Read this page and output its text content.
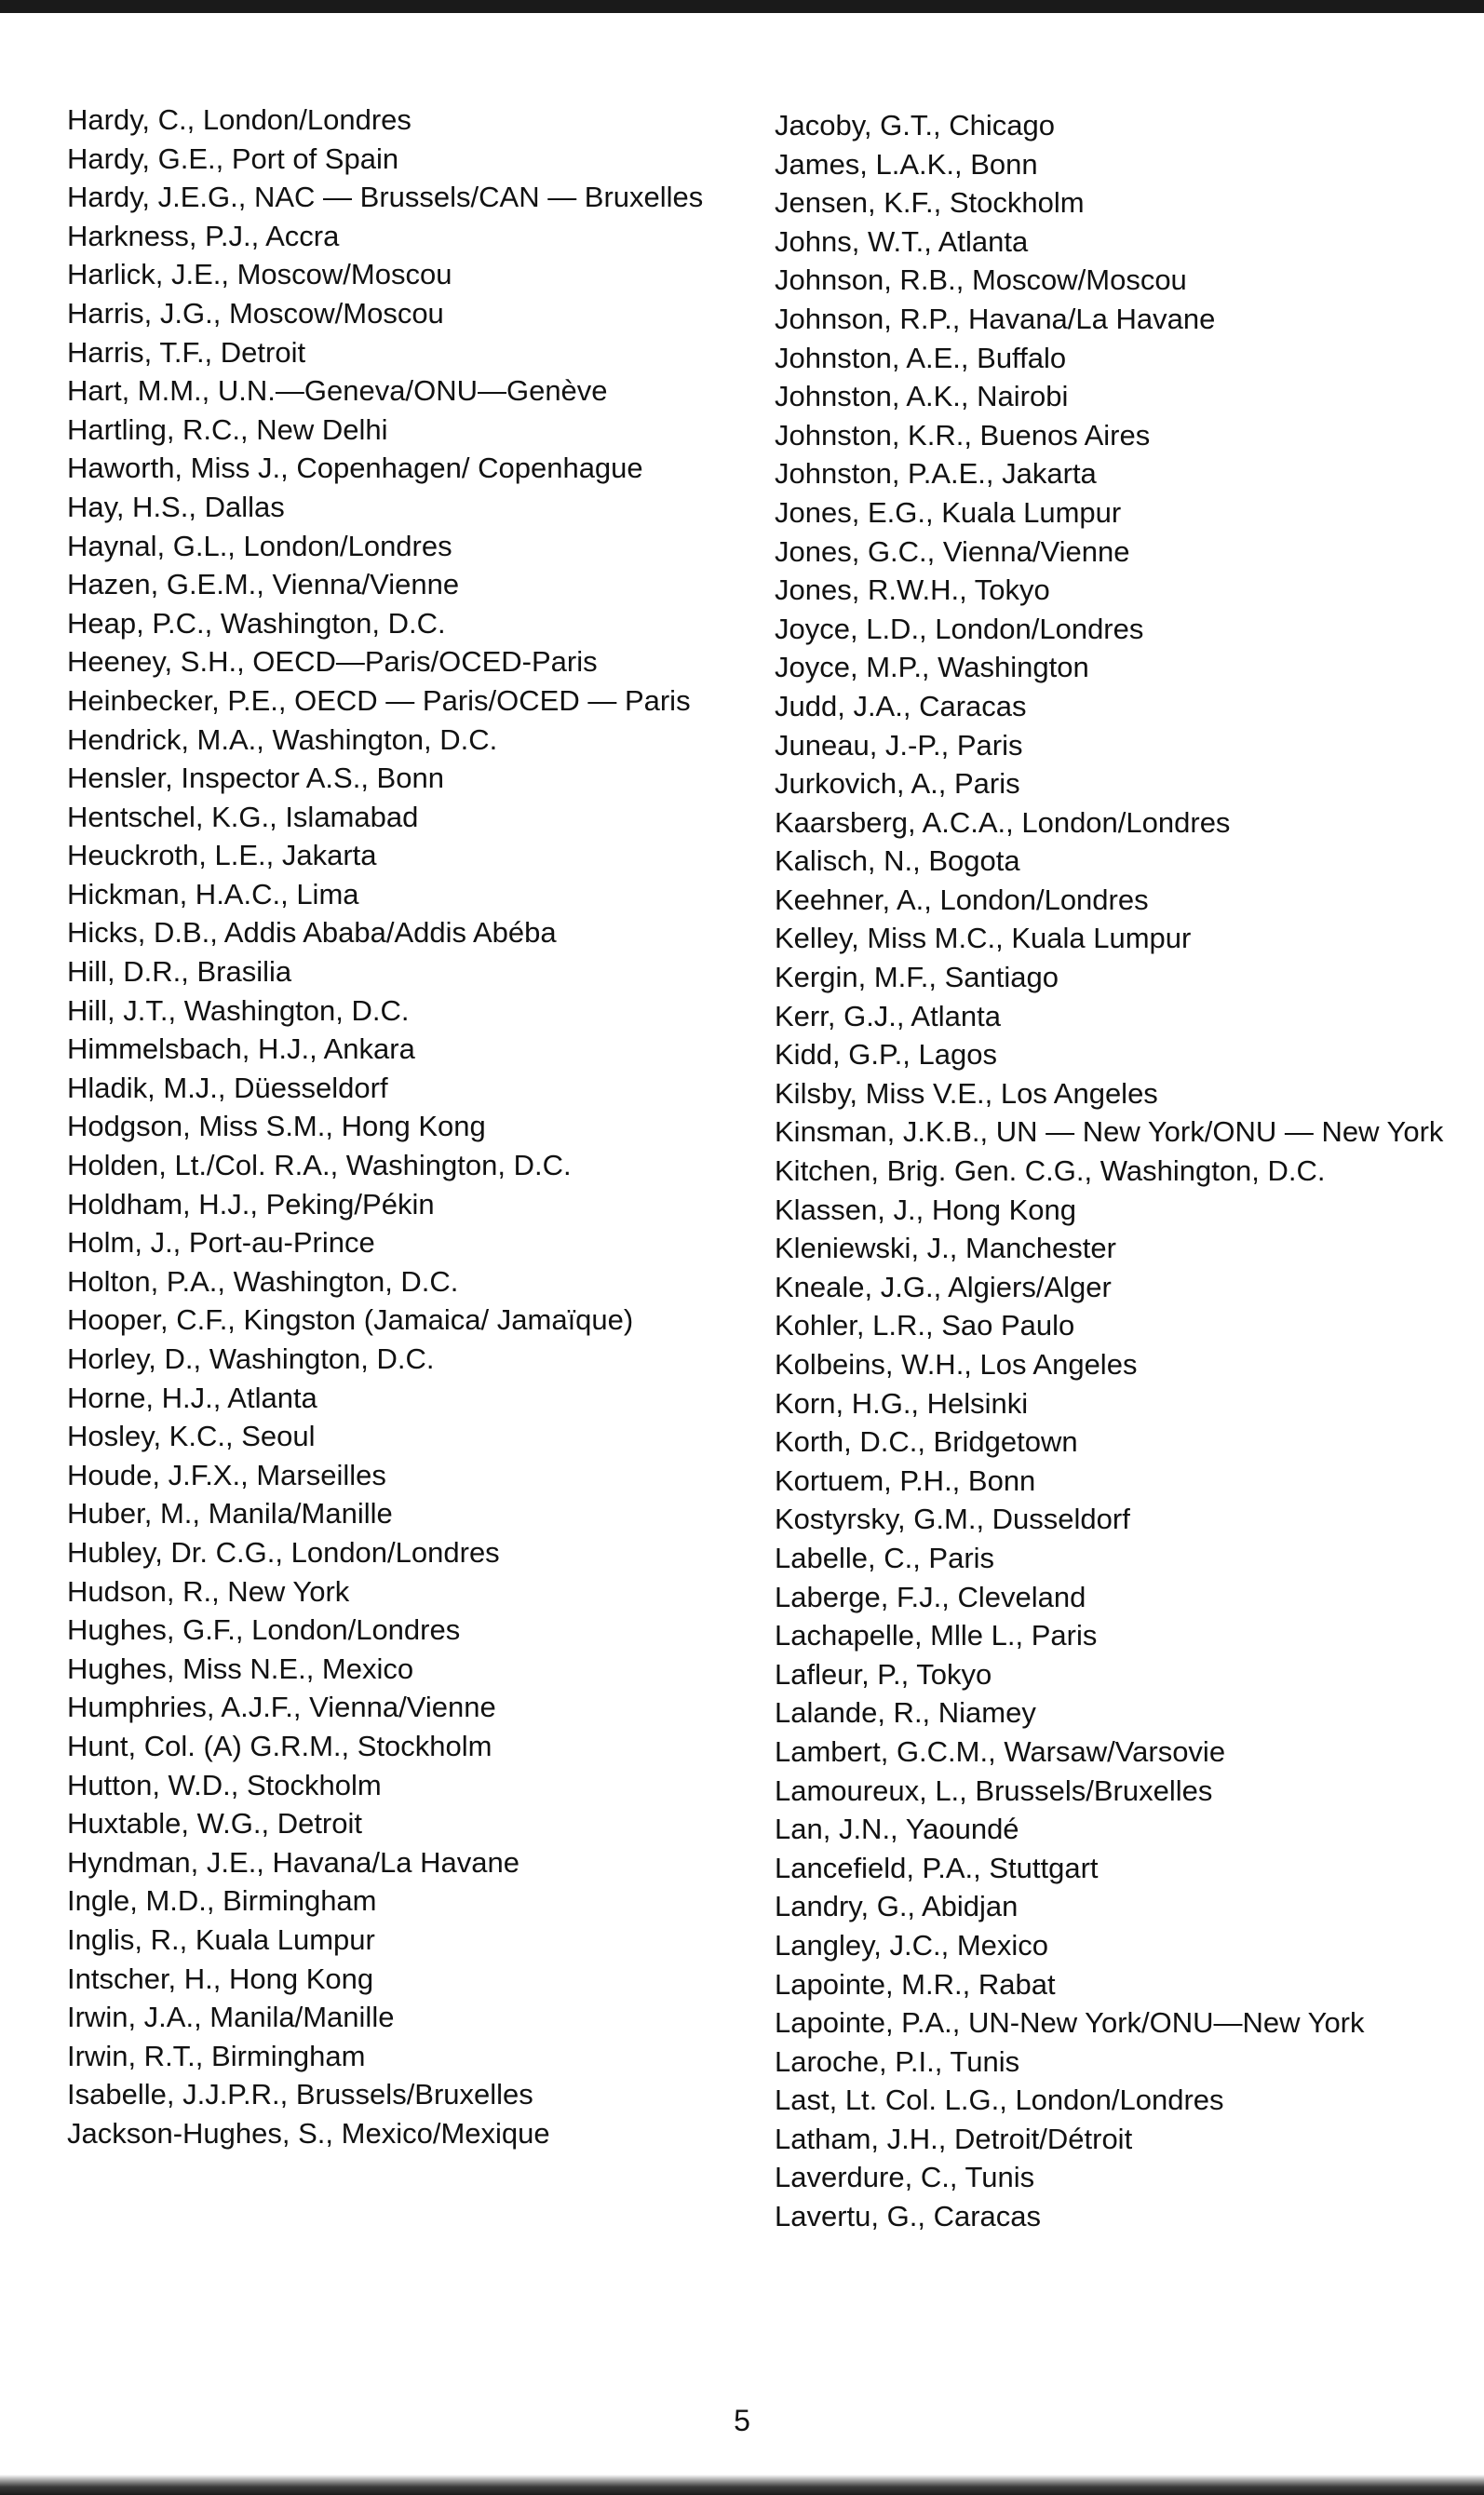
Hardy, C., London/Londres
Hardy, G.E., Port of Spain
Hardy, J.E.G., NAC — Brussels/CAN — Bruxelles
Harkness, P.J., Accra
Harlick, J.E., Moscow/Moscou
Harris, J.G., Moscow/Moscou
Harris, T.F., Detroit
Hart, M.M., U.N.—Geneva/ONU—Genève
Hartling, R.C., New Delhi
Haworth, Miss J., Copenhagen/ Copenhague
Hay, H.S., Dallas
Haynal, G.L., London/Londres
Hazen, G.E.M., Vienna/Vienne
Heap, P.C., Washington, D.C.
Heeney, S.H., OECD—Paris/OCED-Paris
Heinbecker, P.E., OECD — Paris/OCED — Paris
Hendrick, M.A., Washington, D.C.
Hensler, Inspector A.S., Bonn
Hentschel, K.G., Islamabad
Heuckroth, L.E., Jakarta
Hickman, H.A.C., Lima
Hicks, D.B., Addis Ababa/Addis Abéba
Hill, D.R., Brasilia
Hill, J.T., Washington, D.C.
Himmelsbach, H.J., Ankara
Hladik, M.J., Düesseldorf
Hodgson, Miss S.M., Hong Kong
Holden, Lt./Col. R.A., Washington, D.C.
Holdham, H.J., Peking/Pékin
Holm, J., Port-au-Prince
Holton, P.A., Washington, D.C.
Hooper, C.F., Kingston (Jamaica/ Jamaïque)
Horley, D., Washington, D.C.
Horne, H.J., Atlanta
Hosley, K.C., Seoul
Houde, J.F.X., Marseilles
Huber, M., Manila/Manille
Hubley, Dr. C.G., London/Londres
Hudson, R., New York
Hughes, G.F., London/Londres
Hughes, Miss N.E., Mexico
Humphries, A.J.F., Vienna/Vienne
Hunt, Col. (A) G.R.M., Stockholm
Hutton, W.D., Stockholm
Huxtable, W.G., Detroit
Hyndman, J.E., Havana/La Havane
Ingle, M.D., Birmingham
Inglis, R., Kuala Lumpur
Intscher, H., Hong Kong
Irwin, J.A., Manila/Manille
Irwin, R.T., Birmingham
Isabelle, J.J.P.R., Brussels/Bruxelles
Jackson-Hughes, S., Mexico/Mexique
Jacoby, G.T., Chicago
James, L.A.K., Bonn
Jensen, K.F., Stockholm
Johns, W.T., Atlanta
Johnson, R.B., Moscow/Moscou
Johnson, R.P., Havana/La Havane
Johnston, A.E., Buffalo
Johnston, A.K., Nairobi
Johnston, K.R., Buenos Aires
Johnston, P.A.E., Jakarta
Jones, E.G., Kuala Lumpur
Jones, G.C., Vienna/Vienne
Jones, R.W.H., Tokyo
Joyce, L.D., London/Londres
Joyce, M.P., Washington
Judd, J.A., Caracas
Juneau, J.-P., Paris
Jurkovich, A., Paris
Kaarsberg, A.C.A., London/Londres
Kalisch, N., Bogota
Keehner, A., London/Londres
Kelley, Miss M.C., Kuala Lumpur
Kergin, M.F., Santiago
Kerr, G.J., Atlanta
Kidd, G.P., Lagos
Kilsby, Miss V.E., Los Angeles
Kinsman, J.K.B., UN — New York/ONU — New York
Kitchen, Brig. Gen. C.G., Washington, D.C.
Klassen, J., Hong Kong
Kleniewski, J., Manchester
Kneale, J.G., Algiers/Alger
Kohler, L.R., Sao Paulo
Kolbeins, W.H., Los Angeles
Korn, H.G., Helsinki
Korth, D.C., Bridgetown
Kortuem, P.H., Bonn
Kostyrsky, G.M., Dusseldorf
Labelle, C., Paris
Laberge, F.J., Cleveland
Lachapelle, Mlle L., Paris
Lafleur, P., Tokyo
Lalande, R., Niamey
Lambert, G.C.M., Warsaw/Varsovie
Lamoureux, L., Brussels/Bruxelles
Lan, J.N., Yaoundé
Lancefield, P.A., Stuttgart
Landry, G., Abidjan
Langley, J.C., Mexico
Lapointe, M.R., Rabat
Lapointe, P.A., UN-New York/ONU—New York
Laroche, P.I., Tunis
Last, Lt. Col. L.G., London/Londres
Latham, J.H., Detroit/Détroit
Laverdure, C., Tunis
Lavertu, G., Caracas
5
